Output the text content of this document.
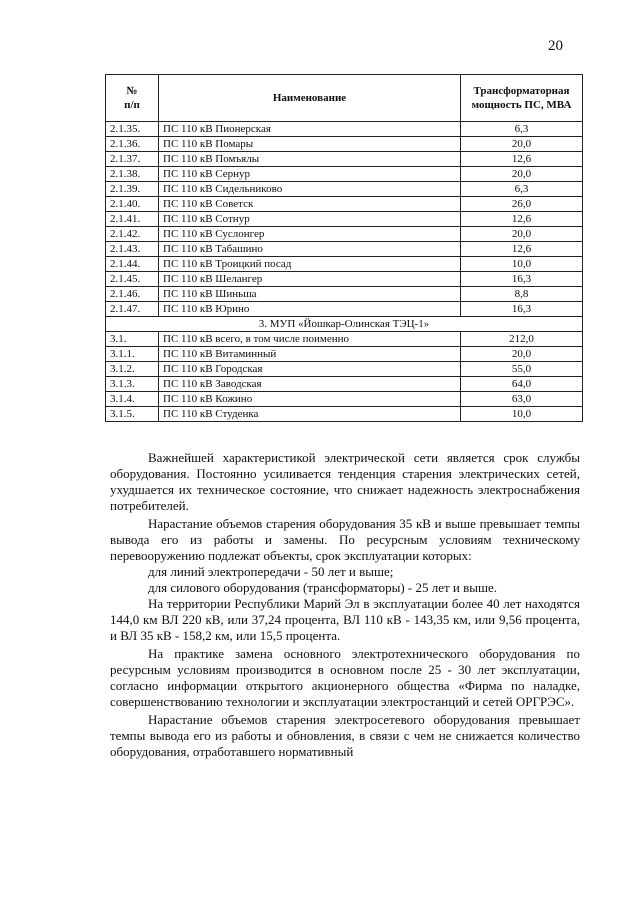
20
№
п/п	Наименование	Трансформаторная мощность ПС, МВА
2.1.35.	ПС 110 кВ Пионерская	6,3
2.1.36.	ПС 110 кВ Помары	20,0
2.1.37.	ПС 110 кВ Помъялы	12,6
2.1.38.	ПС 110 кВ Сернур	20,0
2.1.39.	ПС 110 кВ Сидельниково	6,3
2.1.40.	ПС 110 кВ Советск	26,0
2.1.41.	ПС 110 кВ Сотнур	12,6
2.1.42.	ПС 110 кВ Суслонгер	20,0
2.1.43.	ПС 110 кВ Табашино	12,6
2.1.44.	ПС 110 кВ Троицкий посад	10,0
2.1.45.	ПС 110 кВ Шелангер	16,3
2.1.46.	ПС 110 кВ Шиньша	8,8
2.1.47.	ПС 110 кВ Юрино	16,3
3. МУП «Йошкар-Олинская ТЭЦ-1»		
3.1.	ПС 110 кВ всего, в том числе поименно	212,0
3.1.1.	ПС 110 кВ Витаминный	20,0
3.1.2.	ПС 110 кВ Городская	55,0
3.1.3.	ПС 110 кВ Заводская	64,0
3.1.4.	ПС 110 кВ Кожино	63,0
3.1.5.	ПС 110 кВ Студенка	10,0

Важнейшей характеристикой электрической сети является срок службы оборудования. Постоянно усиливается тенденция старения электрических сетей, ухудшается их техническое состояние, что снижает надежность электроснабжения потребителей.

Нарастание объемов старения оборудования 35 кВ и выше превышает темпы вывода его из работы и замены. По ресурсным условиям техническому перевооружению подлежат объекты, срок эксплуатации которых:

для линий электропередачи - 50 лет и выше;

для силового оборудования (трансформаторы) - 25 лет и выше.

На территории Республики Марий Эл в эксплуатации более 40 лет находятся 144,0 км ВЛ 220 кВ, или 37,24 процента, ВЛ 110 кВ - 143,35 км, или 9,56 процента, и ВЛ 35 кВ - 158,2 км, или 15,5 процента.

На практике замена основного электротехнического оборудования по ресурсным условиям производится в основном после 25 - 30 лет эксплуатации, согласно информации открытого акционерного общества «Фирма по наладке, совершенствованию технологии и эксплуатации электростанций и сетей ОРГРЭС».

Нарастание объемов старения электросетевого оборудования превышает темпы вывода его из работы и обновления, в связи с чем не снижается количество оборудования, отработавшего нормативный
